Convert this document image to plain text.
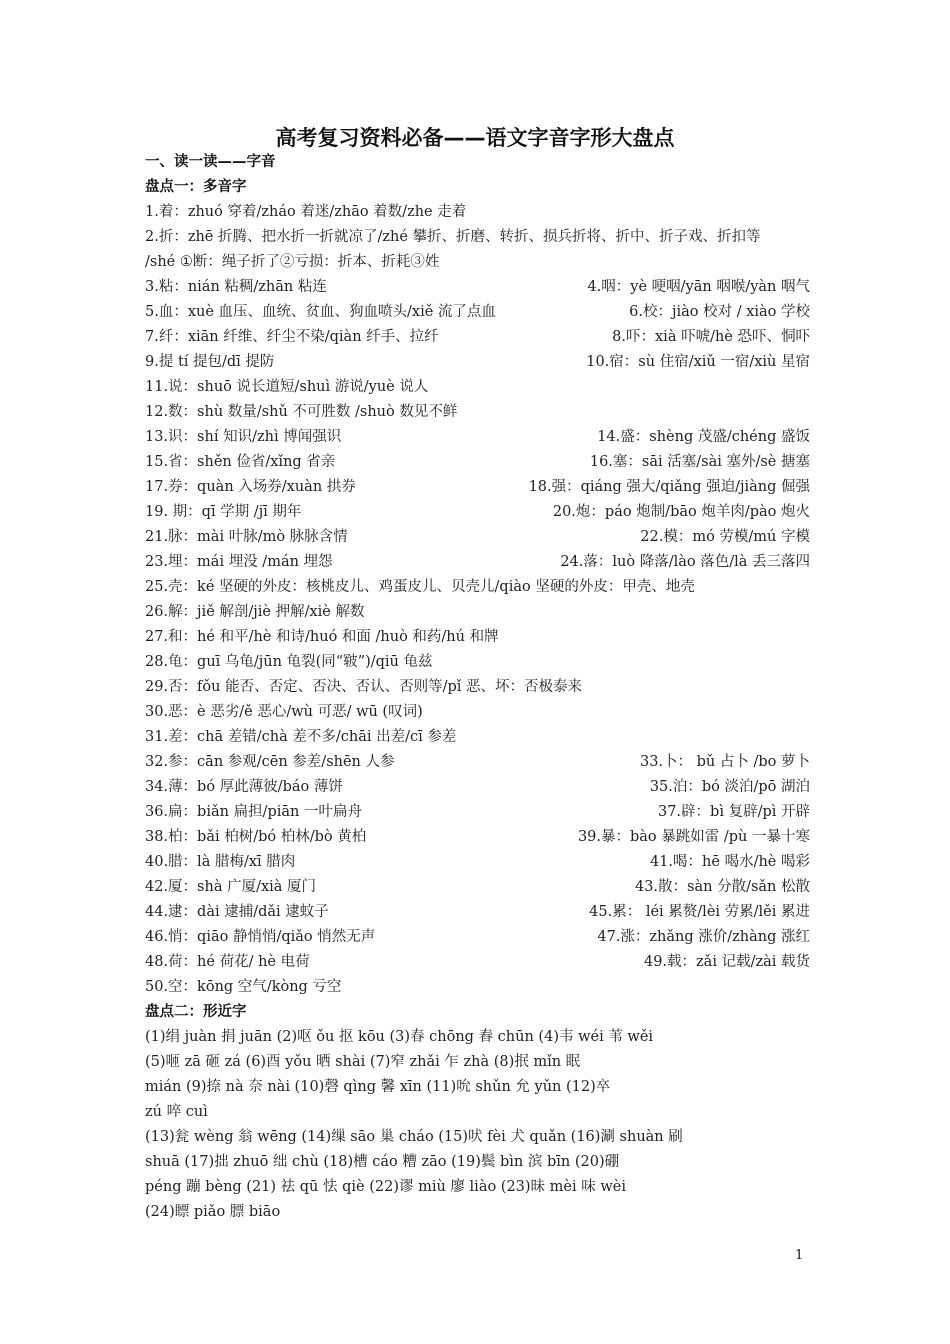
高考复习资料必备——语文字音字形大盘点
一、读一读——字音
盘点一：多音字
1.着：zhuó 穿着/zháo 着迷/zhāo 着数/zhe 走着
2.折：zhē 折腾、把水折一折就凉了/zhé 攀折、折磨、转折、损兵折将、折中、折子戏、折扣等
/shé ①断：绳子折了②亏损：折本、折耗③姓
3.粘：nián 粘稠/zhān 粘连	4.咽：yè 哽咽/yān 咽喉/yàn 咽气
5.血：xuè 血压、血统、贫血、狗血喷头/xiě 流了点血	6.校：jiào 校对 / xiào 学校
7.纤：xiān 纤维、纤尘不染/qiàn 纤手、拉纤	8.吓：xià 吓唬/hè 恐吓、恫吓
9.提 tí 提包/dī 提防	10.宿：sù 住宿/xiǔ 一宿/xiù 星宿
11.说：shuō 说长道短/shuì 游说/yuè 说人
12.数：shù 数量/shǔ 不可胜数 /shuò 数见不鲜
13.识：shí 知识/zhì 博闻强识	14.盛：shèng 茂盛/chéng 盛饭
15.省：shěn 俭省/xǐng 省亲	16.塞：sāi 活塞/sài 塞外/sè 搪塞
17.券：quàn 入场券/xuàn 拱券	18.强：qiáng 强大/qiǎng 强迫/jiàng 倔强
19. 期：qī 学期 /jī 期年	20.炮：páo 炮制/bāo 炮羊肉/pào 炮火
21.脉：mài 叶脉/mò 脉脉含情	22.模：mó 劳模/mú 字模
23.埋：mái 埋没 /mán 埋怨	24.落：luò 降落/lào 落色/là 丢三落四
25.壳：ké 坚硬的外皮：核桃皮儿、鸡蛋皮儿、贝壳儿/qiào 坚硬的外皮：甲壳、地壳
26.解：jiě 解剖/jiè 押解/xiè 解数
27.和：hé 和平/hè 和诗/huó 和面 /huò 和药/hú 和牌
28.龟：guī 乌龟/jūn 龟裂(同“皲”)/qiū 龟兹
29.否：fǒu 能否、否定、否决、否认、否则等/pǐ 恶、坏：否极泰来
30.恶：è 恶劣/ě 恶心/wù 可恶/ wū (叹词)
31.差：chā 差错/chà 差不多/chāi 出差/cī 参差
32.参：cān 参观/cēn 参差/shēn 人参	33.卜： bǔ 占卜 /bo 萝卜
34.薄：bó 厚此薄彼/báo 薄饼	35.泊：bó 淡泊/pō 湖泊
36.扁：biǎn 扁担/piān 一叶扁舟	37.辟：bì 复辟/pì 开辟
38.柏：bǎi 柏树/bó 柏林/bò 黄柏	39.暴：bào 暴跳如雷 /pù 一暴十寒
40.腊：là 腊梅/xī 腊肉	41.喝：hē 喝水/hè 喝彩
42.厦：shà 广厦/xià 厦门	43.散：sàn 分散/sǎn 松散
44.逮：dài 逮捕/dǎi 逮蚊子	45.累： léi 累赘/lèi 劳累/lěi 累进
46.悄：qiāo 静悄悄/qiǎo 悄然无声	47.涨：zhǎng 涨价/zhàng 涨红
48.荷：hé 荷花/ hè 电荷	49.载：zǎi 记载/zài 载货
50.空：kōng 空气/kòng 亏空
盘点二：形近字
(1)绢 juàn 捐 juān (2)呕 ǒu 抠 kōu (3)春 chōng 舂 chūn (4)韦 wéi 苇 wěi
(5)咂 zā 砸 zá (6)酉 yǒu 晒 shài (7)窄 zhǎi 乍 zhà (8)抿 mǐn 眠
mián (9)捺 nà 奈 nài (10)磬 qìng 馨 xīn (11)吮 shǔn 允 yǔn (12)卒
zú 啐 cuì
(13)瓮 wèng 翁 wēng (14)缫 sāo 巢 cháo (15)吠 fèi 犬 quǎn (16)涮 shuàn 刷
shuā (17)拙 zhuō 绌 chù (18)槽 cáo 糟 zāo (19)鬓 bìn 滨 bīn (20)硼
péng 蹦 bèng (21) 祛 qū 怯 qiè (22)谬 miù 廖 liào (23)昧 mèi 味 wèi
(24)瞟 piǎo 膘 biāo
1
